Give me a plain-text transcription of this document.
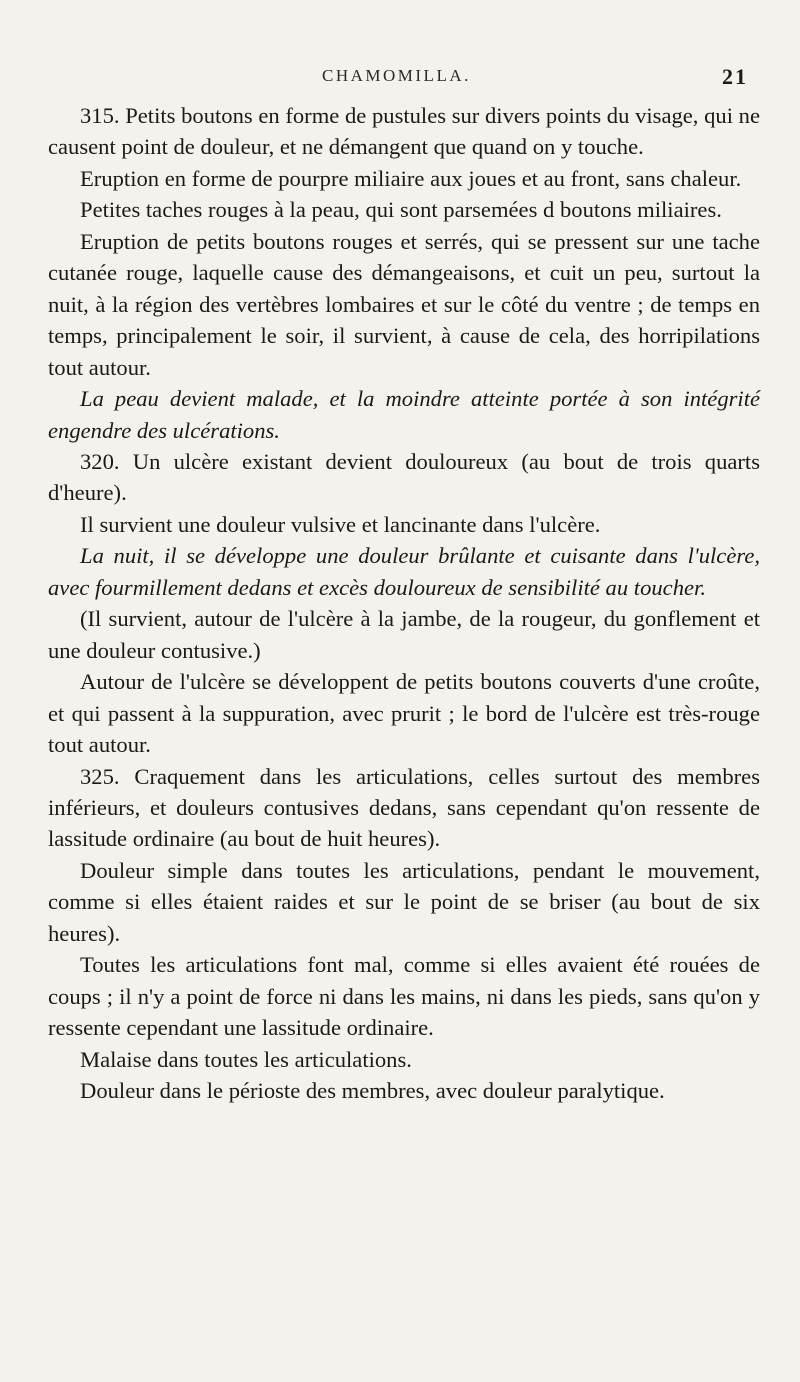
CHAMOMILLA.	21

315. Petits boutons en forme de pustules sur divers points du visage, qui ne causent point de douleur, et ne démangent que quand on y touche.

Eruption en forme de pourpre miliaire aux joues et au front, sans chaleur.

Petites taches rouges à la peau, qui sont parsemées d boutons miliaires.

Eruption de petits boutons rouges et serrés, qui se pressent sur une tache cutanée rouge, laquelle cause des démangeaisons, et cuit un peu, surtout la nuit, à la région des vertèbres lombaires et sur le côté du ventre ; de temps en temps, principalement le soir, il survient, à cause de cela, des horripilations tout autour.

La peau devient malade, et la moindre atteinte portée à son intégrité engendre des ulcérations.

320. Un ulcère existant devient douloureux (au bout de trois quarts d'heure).

Il survient une douleur vulsive et lancinante dans l'ulcère.

La nuit, il se développe une douleur brûlante et cuisante dans l'ulcère, avec fourmillement dedans et excès douloureux de sensibilité au toucher.

(Il survient, autour de l'ulcère à la jambe, de la rougeur, du gonflement et une douleur contusive.)

Autour de l'ulcère se développent de petits boutons couverts d'une croûte, et qui passent à la suppuration, avec prurit ; le bord de l'ulcère est très-rouge tout autour.

325. Craquement dans les articulations, celles surtout des membres inférieurs, et douleurs contusives dedans, sans cependant qu'on ressente de lassitude ordinaire (au bout de huit heures).

Douleur simple dans toutes les articulations, pendant le mouvement, comme si elles étaient raides et sur le point de se briser (au bout de six heures).

Toutes les articulations font mal, comme si elles avaient été rouées de coups ; il n'y a point de force ni dans les mains, ni dans les pieds, sans qu'on y ressente cependant une lassitude ordinaire.

Malaise dans toutes les articulations.

Douleur dans le périoste des membres, avec douleur paralytique.
